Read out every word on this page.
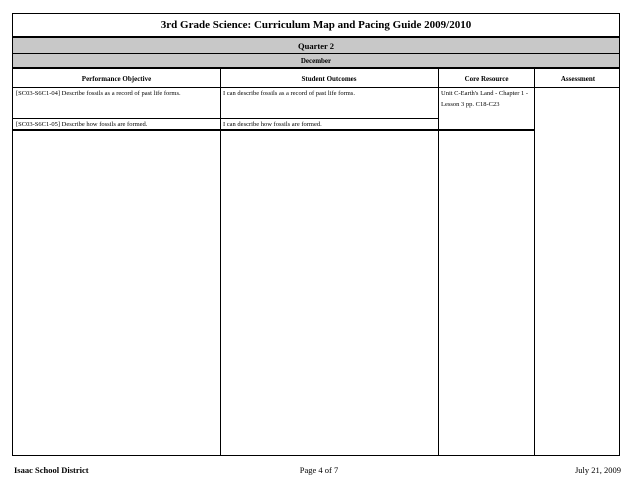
3rd Grade Science: Curriculum Map and Pacing Guide 2009/2010
Quarter 2
December
Performance Objective	Student Outcomes	Core Resource	Assessment
[SC03-S6C1-04] Describe fossils as a record of past life forms.	I can describe fossils as a record of past life forms.	Unit C-Earth's Land - Chapter 1 - Lesson 3 pp. C18-C23
[SC03-S6C1-05] Describe how fossils are formed.	I can describe how fossils are formed.
Isaac School District	Page 4 of 7	July 21, 2009
